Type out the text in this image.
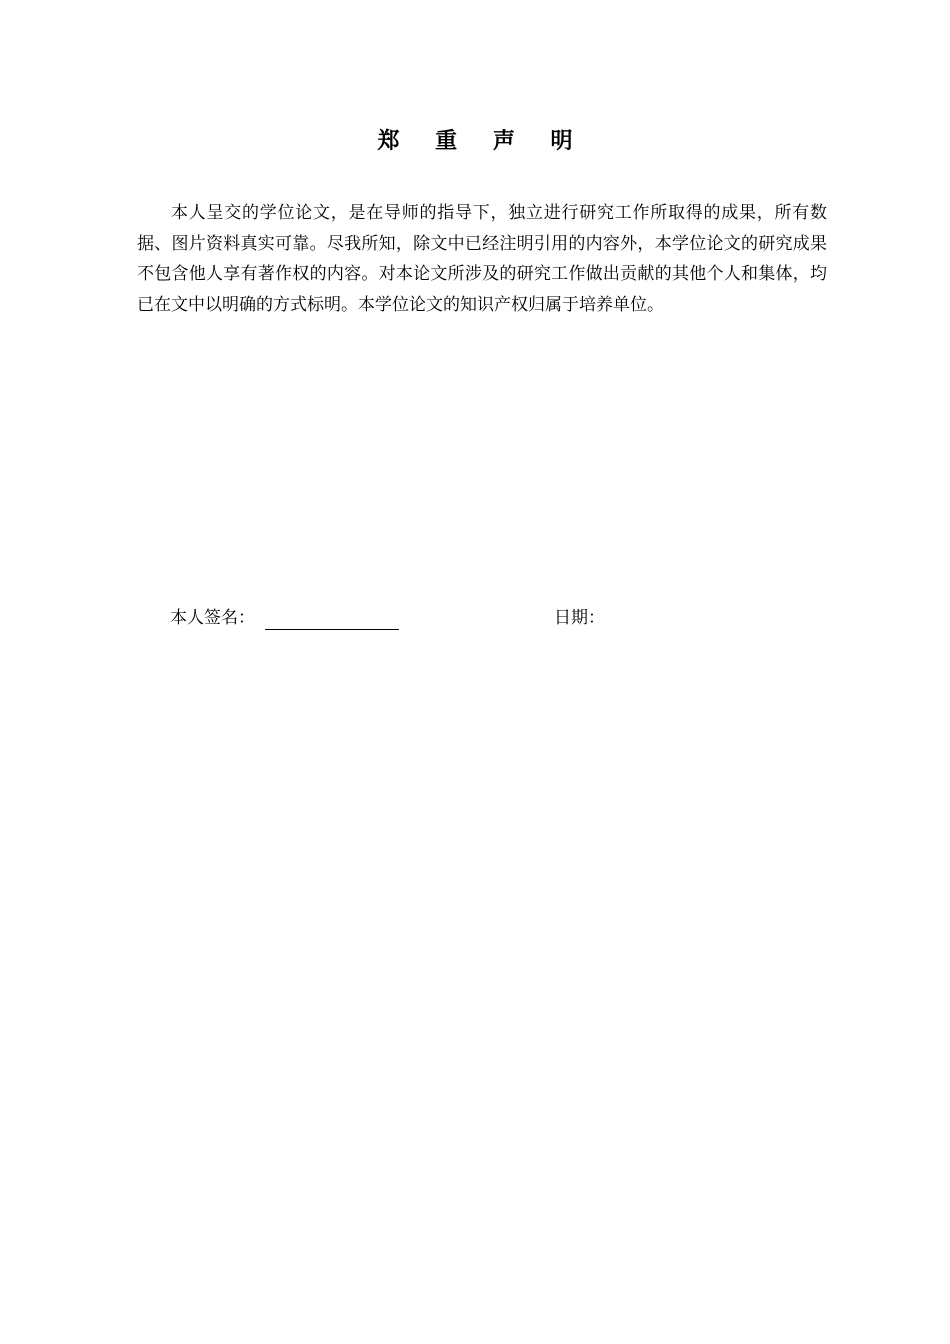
郑 重 声 明
本人呈交的学位论文，是在导师的指导下，独立进行研究工作所取得的成果，所有数据、图片资料真实可靠。尽我所知，除文中已经注明引用的内容外，本学位论文的研究成果不包含他人享有著作权的内容。对本论文所涉及的研究工作做出贡献的其他个人和集体，均已在文中以明确的方式标明。本学位论文的知识产权归属于培养单位。
本人签名：	日期：
